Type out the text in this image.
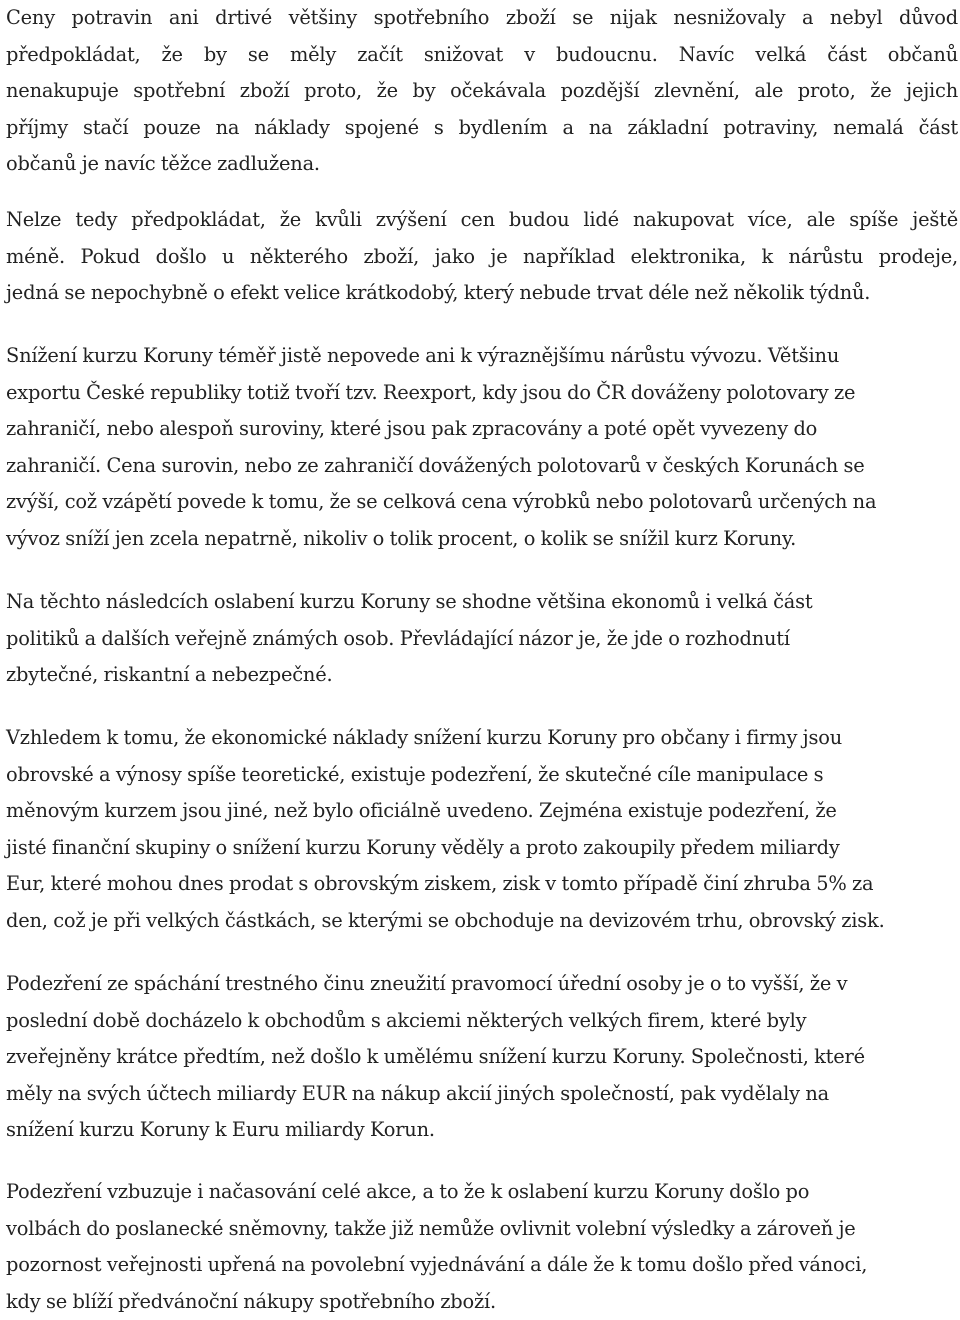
Ceny potravin ani drtivé většiny spotřebního zboží se nijak nesnižovaly a nebyl důvod
předpokládat, že by se měly začít snižovat v budoucnu. Navíc velká část občanů
nenakupuje spotřební zboží proto, že by očekávala pozdější zlevnění, ale proto, že jejich
příjmy stačí pouze na náklady spojené s bydlením a na základní potraviny, nemalá část
občanů je navíc těžce zadlužena.
Nelze tedy předpokládat, že kvůli zvýšení cen budou lidé nakupovat více, ale spíše ještě
méně. Pokud došlo u některého zboží, jako je například elektronika, k nárůstu prodeje,
jedná se nepochybně o efekt velice krátkodobý, který nebude trvat déle než několik týdnů.
Snížení kurzu Koruny téměř jistě nepovede ani k výraznějšímu nárůstu vývozu. Většinu
exportu České republiky totiž tvoří tzv. Reexport, kdy jsou do ČR dováženy polotovary ze
zahraničí, nebo alespoň suroviny, které jsou pak zpracovány a poté opět vyvezeny do
zahraničí. Cena surovin, nebo ze zahraničí dovážených polotovarů v českých Korunách se
zvýší, což vzápětí povede k tomu, že se celková cena výrobků nebo polotovarů určených na
vývoz sníží jen zcela nepatrně, nikoliv o tolik procent, o kolik se snížil kurz Koruny.
Na těchto následcích oslabení kurzu Koruny se shodne většina ekonomů i velká část
politiků a dalších veřejně známých osob. Převládající názor je, že jde o rozhodnutí
zbytečné, riskantní a nebezpečné.
Vzhledem k tomu, že ekonomické náklady snížení kurzu Koruny pro občany i firmy jsou
obrovské a výnosy spíše teoretické, existuje podezření, že skutečné cíle manipulace s
měnovým kurzem jsou jiné, než bylo oficiálně uvedeno. Zejména existuje podezření, že
jisté finanční skupiny o snížení kurzu Koruny věděly a proto zakoupily předem miliardy
Eur, které mohou dnes prodat s obrovským ziskem, zisk v tomto případě činí zhruba 5% za
den, což je při velkých částkách, se kterými se obchoduje na devizovém trhu, obrovský zisk.
Podezření ze spáchání trestného činu zneužití pravomocí úřední osoby je o to vyšší, že v
poslední době docházelo k obchodům s akciemi některých velkých firem, které byly
zveřejněny krátce předtím, než došlo k umělému snížení kurzu Koruny. Společnosti, které
měly na svých účtech miliardy EUR na nákup akcií jiných společností, pak vydělaly na
snížení kurzu Koruny k Euru miliardy Korun.
Podezření vzbuzuje i načasování celé akce, a to že k oslabení kurzu Koruny došlo po
volbách do poslanecké sněmovny, takže již nemůže ovlivnit volební výsledky a zároveň je
pozornost veřejnosti upřená na povolební vyjednávání a dále že k tomu došlo před vánoci,
kdy se blíží předvánoční nákupy spotřebního zboží.
